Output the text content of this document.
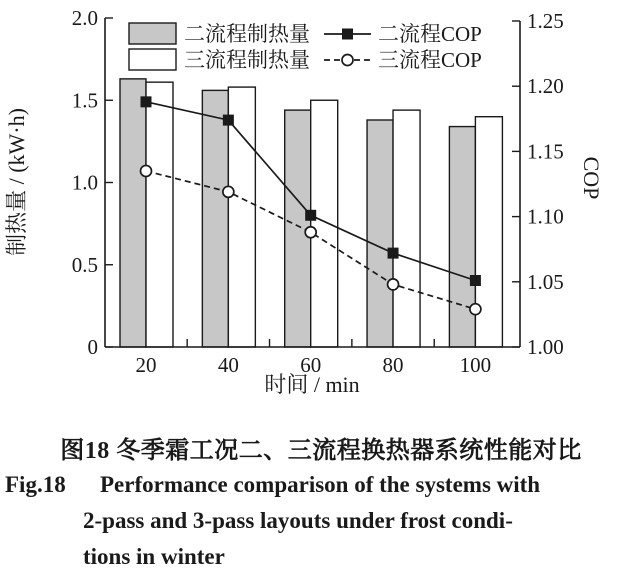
2.0
1.5
1.0
0.5
0
1.25
1.20
1.15
1.10
1.05
1.00
20	40	60	80	100
制热量 / (kW·h)	COP
时间 / min
二流程制热量
三流程制热量
二流程COP
三流程COP
图18 冬季霜工况二、三流程换热器系统性能对比
Fig.18 Performance comparison of the systems with
2-pass and 3-pass layouts under frost condi-
tions in winter
